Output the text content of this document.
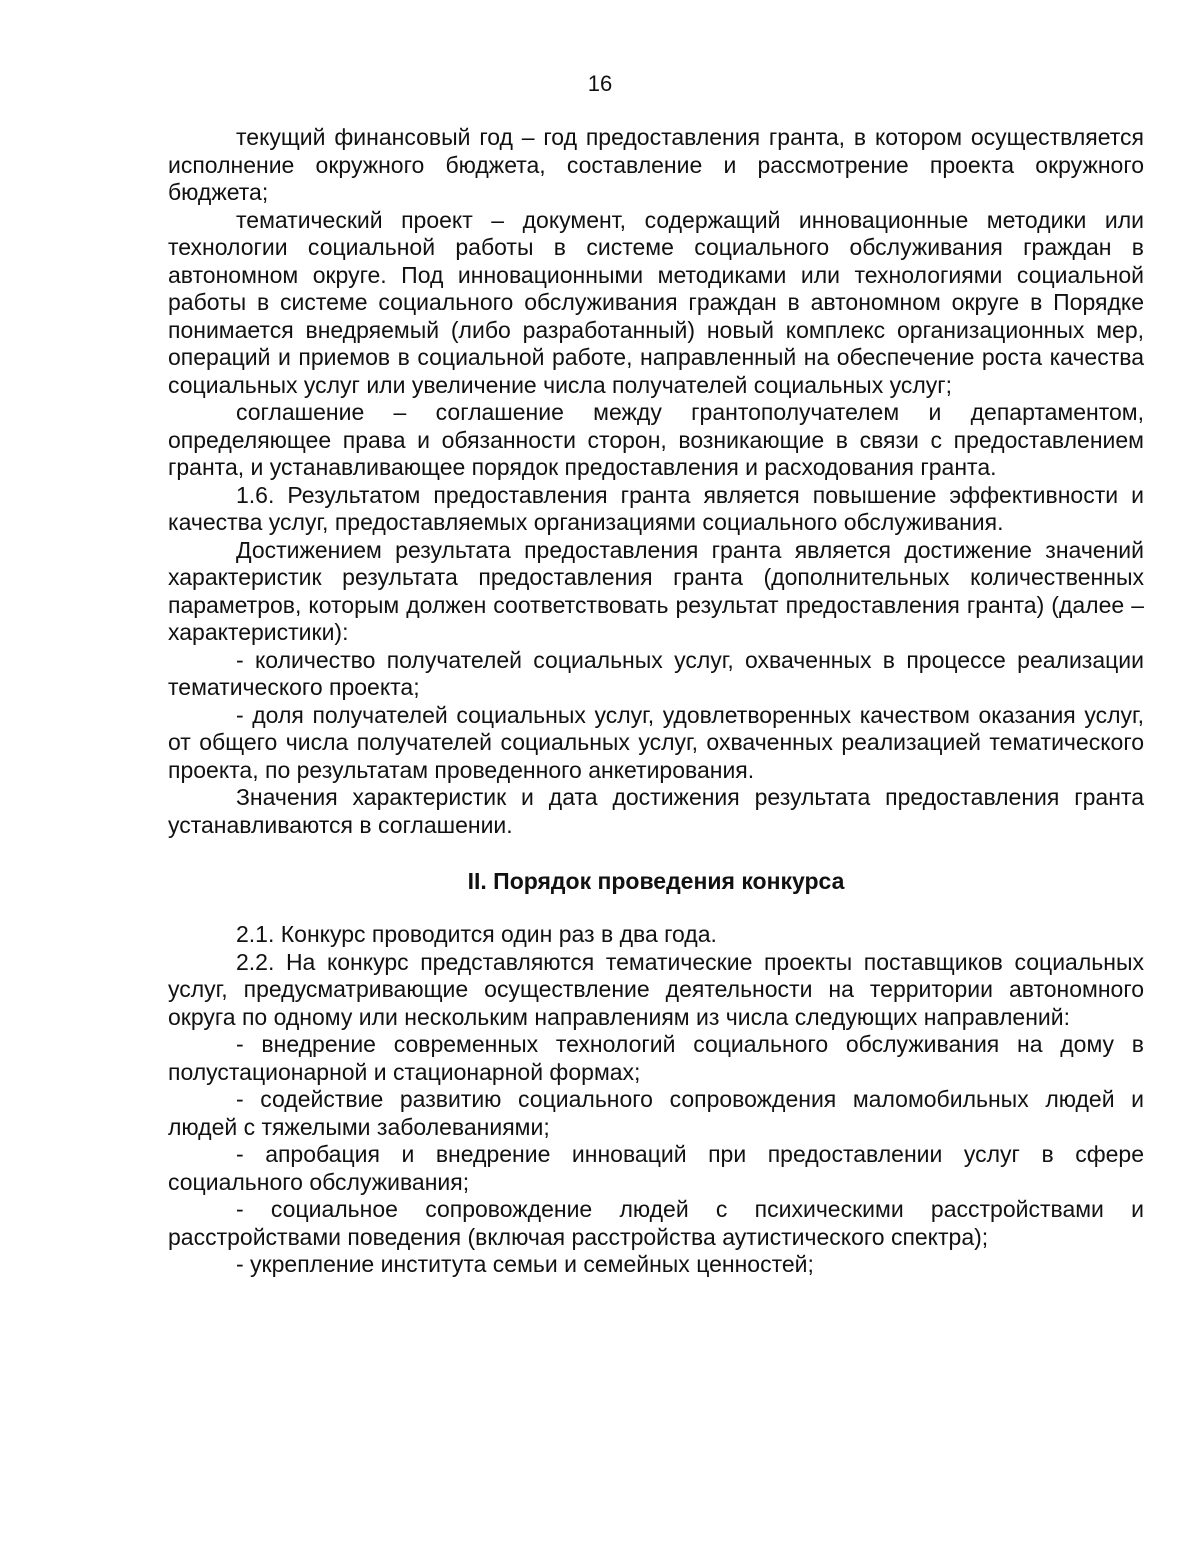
16

текущий финансовый год – год предоставления гранта, в котором осуществляется исполнение окружного бюджета, составление и рассмотрение проекта окружного бюджета;

тематический проект – документ, содержащий инновационные методики или технологии социальной работы в системе социального обслуживания граждан в автономном округе. Под инновационными методиками или технологиями социальной работы в системе социального обслуживания граждан в автономном округе в Порядке понимается внедряемый (либо разработанный) новый комплекс организационных мер, операций и приемов в социальной работе, направленный на обеспечение роста качества социальных услуг или увеличение числа получателей социальных услуг;

соглашение – соглашение между грантополучателем и департаментом, определяющее права и обязанности сторон, возникающие в связи с предоставлением гранта, и устанавливающее порядок предоставления и расходования гранта.

1.6. Результатом предоставления гранта является повышение эффективности и качества услуг, предоставляемых организациями социального обслуживания.

Достижением результата предоставления гранта является достижение значений характеристик результата предоставления гранта (дополнительных количественных параметров, которым должен соответствовать результат предоставления гранта) (далее – характеристики):

- количество получателей социальных услуг, охваченных в процессе реализации тематического проекта;

- доля получателей социальных услуг, удовлетворенных качеством оказания услуг, от общего числа получателей социальных услуг, охваченных реализацией тематического проекта, по результатам проведенного анкетирования.

Значения характеристик и дата достижения результата предоставления гранта устанавливаются в соглашении.

II. Порядок проведения конкурса

2.1. Конкурс проводится один раз в два года.

2.2. На конкурс представляются тематические проекты поставщиков социальных услуг, предусматривающие осуществление деятельности на территории автономного округа по одному или нескольким направлениям из числа следующих направлений:

- внедрение современных технологий социального обслуживания на дому в полустационарной и стационарной формах;

- содействие развитию социального сопровождения маломобильных людей и людей с тяжелыми заболеваниями;

- апробация и внедрение инноваций при предоставлении услуг в сфере социального обслуживания;

- социальное сопровождение людей с психическими расстройствами и расстройствами поведения (включая расстройства аутистического спектра);

- укрепление института семьи и семейных ценностей;
